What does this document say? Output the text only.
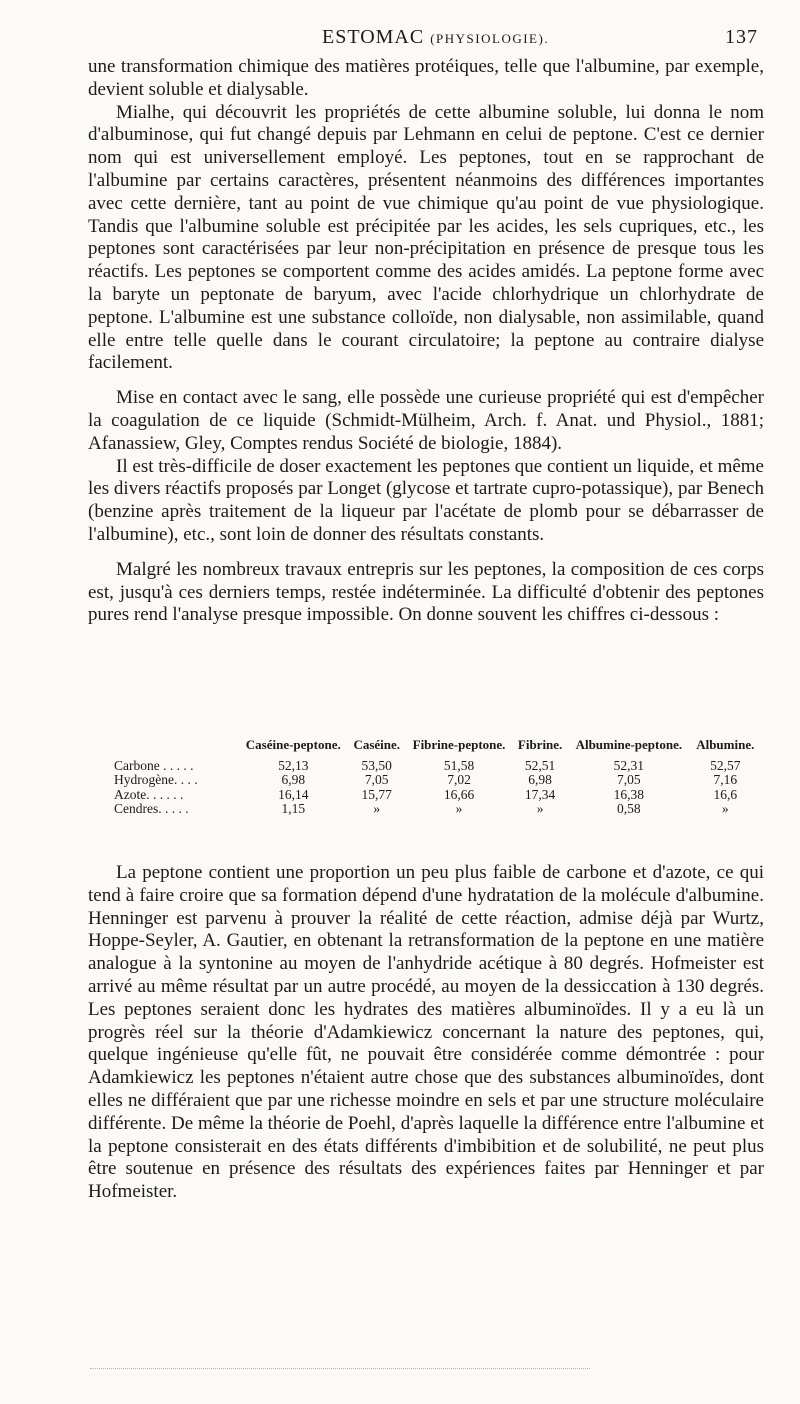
ESTOMAC (PHYSIOLOGIE).	137

une transformation chimique des matières protéiques, telle que l'albumine, par exemple, devient soluble et dialysable.

Mialhe, qui découvrit les propriétés de cette albumine soluble, lui donna le nom d'albuminose, qui fut changé depuis par Lehmann en celui de peptone. C'est ce dernier nom qui est universellement employé. Les peptones, tout en se rapprochant de l'albumine par certains caractères, présentent néanmoins des différences importantes avec cette dernière, tant au point de vue chimique qu'au point de vue physiologique. Tandis que l'albumine soluble est précipitée par les acides, les sels cupriques, etc., les peptones sont caractérisées par leur non-précipitation en présence de presque tous les réactifs. Les peptones se comportent comme des acides amidés. La peptone forme avec la baryte un peptonate de baryum, avec l'acide chlorhydrique un chlorhydrate de peptone. L'albumine est une substance colloïde, non dialysable, non assimilable, quand elle entre telle quelle dans le courant circulatoire; la peptone au contraire dialyse facilement.

Mise en contact avec le sang, elle possède une curieuse propriété qui est d'empêcher la coagulation de ce liquide (Schmidt-Mülheim, Arch. f. Anat. und Physiol., 1881; Afanassiew, Gley, Comptes rendus Société de biologie, 1884).

Il est très-difficile de doser exactement les peptones que contient un liquide, et même les divers réactifs proposés par Longet (glycose et tartrate cupro-potassique), par Benech (benzine après traitement de la liqueur par l'acétate de plomb pour se débarrasser de l'albumine), etc., sont loin de donner des résultats constants.

Malgré les nombreux travaux entrepris sur les peptones, la composition de ces corps est, jusqu'à ces derniers temps, restée indéterminée. La difficulté d'obtenir des peptones pures rend l'analyse presque impossible. On donne souvent les chiffres ci-dessous :

	Caséine-peptone.	Caséine.	Fibrine-peptone.	Fibrine.	Albumine-peptone.	Albumine.
Carbone . . . . .	52,13	53,50	51,58	52,51	52,31	52,57
Hydrogène. . . .	6,98	7,05	7,02	6,98	7,05	7,16
Azote. . . . . .	16,14	15,77	16,66	17,34	16,38	16,6
Cendres. . . . .	1,15	»	»	»	0,58	»

La peptone contient une proportion un peu plus faible de carbone et d'azote, ce qui tend à faire croire que sa formation dépend d'une hydratation de la molécule d'albumine. Henninger est parvenu à prouver la réalité de cette réaction, admise déjà par Wurtz, Hoppe-Seyler, A. Gautier, en obtenant la retransformation de la peptone en une matière analogue à la syntonine au moyen de l'anhydride acétique à 80 degrés. Hofmeister est arrivé au même résultat par un autre procédé, au moyen de la dessiccation à 130 degrés. Les peptones seraient donc les hydrates des matières albuminoïdes. Il y a eu là un progrès réel sur la théorie d'Adamkiewicz concernant la nature des peptones, qui, quelque ingénieuse qu'elle fût, ne pouvait être considérée comme démontrée : pour Adamkiewicz les peptones n'étaient autre chose que des substances albuminoïdes, dont elles ne différaient que par une richesse moindre en sels et par une structure moléculaire différente. De même la théorie de Poehl, d'après laquelle la différence entre l'albumine et la peptone consisterait en des états différents d'imbibition et de solubilité, ne peut plus être soutenue en présence des résultats des expériences faites par Henninger et par Hofmeister.
